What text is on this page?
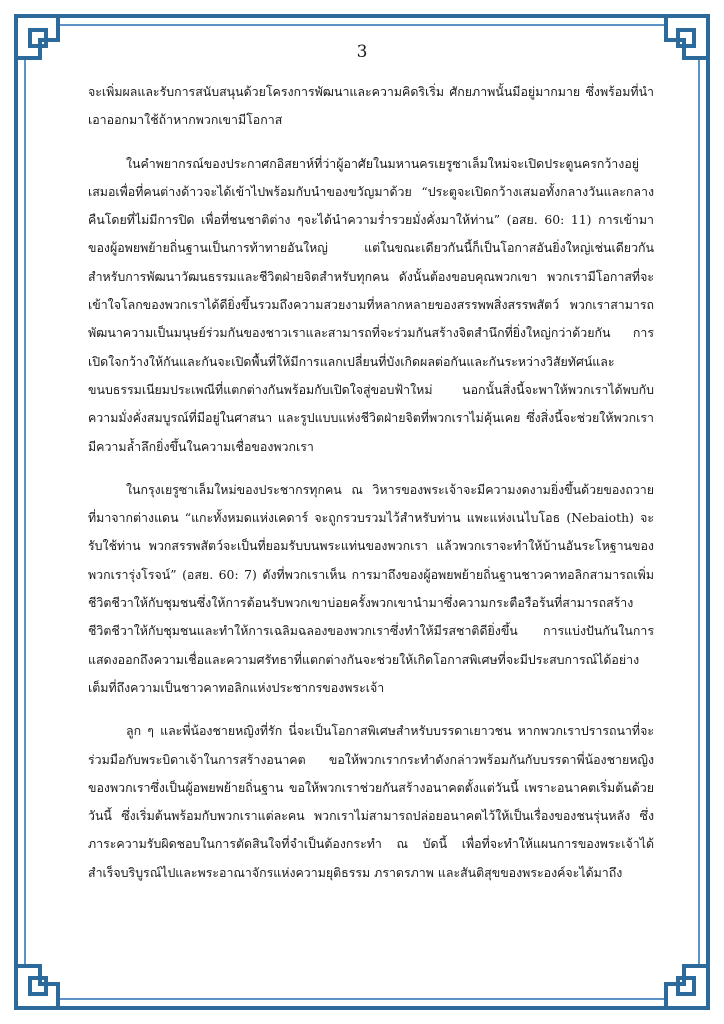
3

จะเพิ่มผลและรับการสนับสนุนด้วยโครงการพัฒนาและความคิดริเริ่ม ศักยภาพนั้นมีอยู่มากมาย ซึ่งพร้อมที่นำเอาออกมาใช้ถ้าหากพวกเขามีโอกาส

ในคำพยากรณ์ของประกาศกอิสยาห์ที่ว่าผู้อาศัยในมหานครเยรูซาเล็มใหม่จะเปิดประตูนครกว้างอยู่เสมอเพื่อที่คนต่างด้าวจะได้เข้าไปพร้อมกับนำของขวัญมาด้วย “ประตูจะเปิดกว้างเสมอทั้งกลางวันและกลางคืนโดยที่ไม่มีการปิด เพื่อที่ชนชาติต่าง ๆจะได้นำความร่ำรวยมั่งคั่งมาให้ท่าน” (อสย. 60: 11) การเข้ามาของผู้อพยพย้ายถิ่นฐานเป็นการท้าทายอันใหญ่ แต่ในขณะเดียวกันนี้ก็เป็นโอกาสอันยิ่งใหญ่เช่นเดียวกันสำหรับการพัฒนาวัฒนธรรมและชีวิตฝ่ายจิตสำหรับทุกคน ดังนั้นต้องขอบคุณพวกเขา พวกเรามีโอกาสที่จะเข้าใจโลกของพวกเราได้ดียิ่งขึ้นรวมถึงความสวยงามที่หลากหลายของสรรพพสิ่งสรรพสัตว์ พวกเราสามารถพัฒนาความเป็นมนุษย์ร่วมกันของชาวเราและสามารถที่จะร่วมกันสร้างจิตสำนึกที่ยิ่งใหญ่กว่าด้วยกัน การเปิดใจกว้างให้กันและกันจะเปิดพื้นที่ให้มีการแลกเปลี่ยนที่บังเกิดผลต่อกันและกันระหว่างวิสัยทัศน์และขนบธรรมเนียมประเพณีที่แตกต่างกันพร้อมกับเปิดใจสู่ขอบฟ้าใหม่ นอกนั้นสิ่งนี้จะพาให้พวกเราได้พบกับความมั่งคั่งสมบูรณ์ที่มีอยู่ในศาสนา และรูปแบบแห่งชีวิตฝ่ายจิตที่พวกเราไม่คุ้นเคย ซึ่งสิ่งนี้จะช่วยให้พวกเรามีความล้ำลึกยิ่งขึ้นในความเชื่อของพวกเรา

ในกรุงเยรูซาเล็มใหม่ของประชากรทุกคน ณ วิหารของพระเจ้าจะมีความงดงามยิ่งขึ้นด้วยของถวายที่มาจากต่างแดน “แกะทั้งหมดแห่งเคดาร์ จะถูกรวบรวมไว้สำหรับท่าน แพะแห่งเนไบโอธ (Nebaioth) จะรับใช้ท่าน พวกสรรพสัตว์จะเป็นที่ยอมรับบนพระแท่นของพวกเรา แล้วพวกเราจะทำให้บ้านอันระโหฐานของพวกเรารุ่งโรจน์” (อสย. 60: 7) ดังที่พวกเราเห็น การมาถึงของผู้อพยพย้ายถิ่นฐานชาวคาทอลิกสามารถเพิ่มชีวิตชีวาให้กับชุมชนซึ่งให้การต้อนรับพวกเขาบ่อยครั้งพวกเขานำมาซึ่งความกระตือรือร้นที่สามารถสร้างชีวิตชีวาให้กับชุมชนและทำให้การเฉลิมฉลองของพวกเราซึ่งทำให้มีรสชาติดียิ่งขึ้น การแบ่งปันกันในการแสดงออกถึงความเชื่อและความศรัทธาที่แตกต่างกันจะช่วยให้เกิดโอกาสพิเศษที่จะมีประสบการณ์ได้อย่างเต็มที่ถึงความเป็นชาวคาทอลิกแห่งประชากรของพระเจ้า

ลูก ๆ และพี่น้องชายหญิงที่รัก นี่จะเป็นโอกาสพิเศษสำหรับบรรดาเยาวชน หากพวกเราปรารถนาที่จะร่วมมือกับพระบิดาเจ้าในการสร้างอนาคต ขอให้พวกเรากระทำดังกล่าวพร้อมกันกับบรรดาพี่น้องชายหญิงของพวกเราซึ่งเป็นผู้อพยพย้ายถิ่นฐาน ขอให้พวกเราช่วยกันสร้างอนาคตตั้งแต่วันนี้ เพราะอนาคตเริ่มต้นด้วยวันนี้ ซึ่งเริ่มต้นพร้อมกับพวกเราแต่ละคน พวกเราไม่สามารถปล่อยอนาคตไว้ให้เป็นเรื่องของชนรุ่นหลัง ซึ่งภาระความรับผิดชอบในการตัดสินใจที่จำเป็นต้องกระทำ ณ บัดนี้ เพื่อที่จะทำให้แผนการของพระเจ้าได้สำเร็จบริบูรณ์ไปและพระอาณาจักรแห่งความยุติธรรม ภราดรภาพ และสันติสุขของพระองค์จะได้มาถึง
